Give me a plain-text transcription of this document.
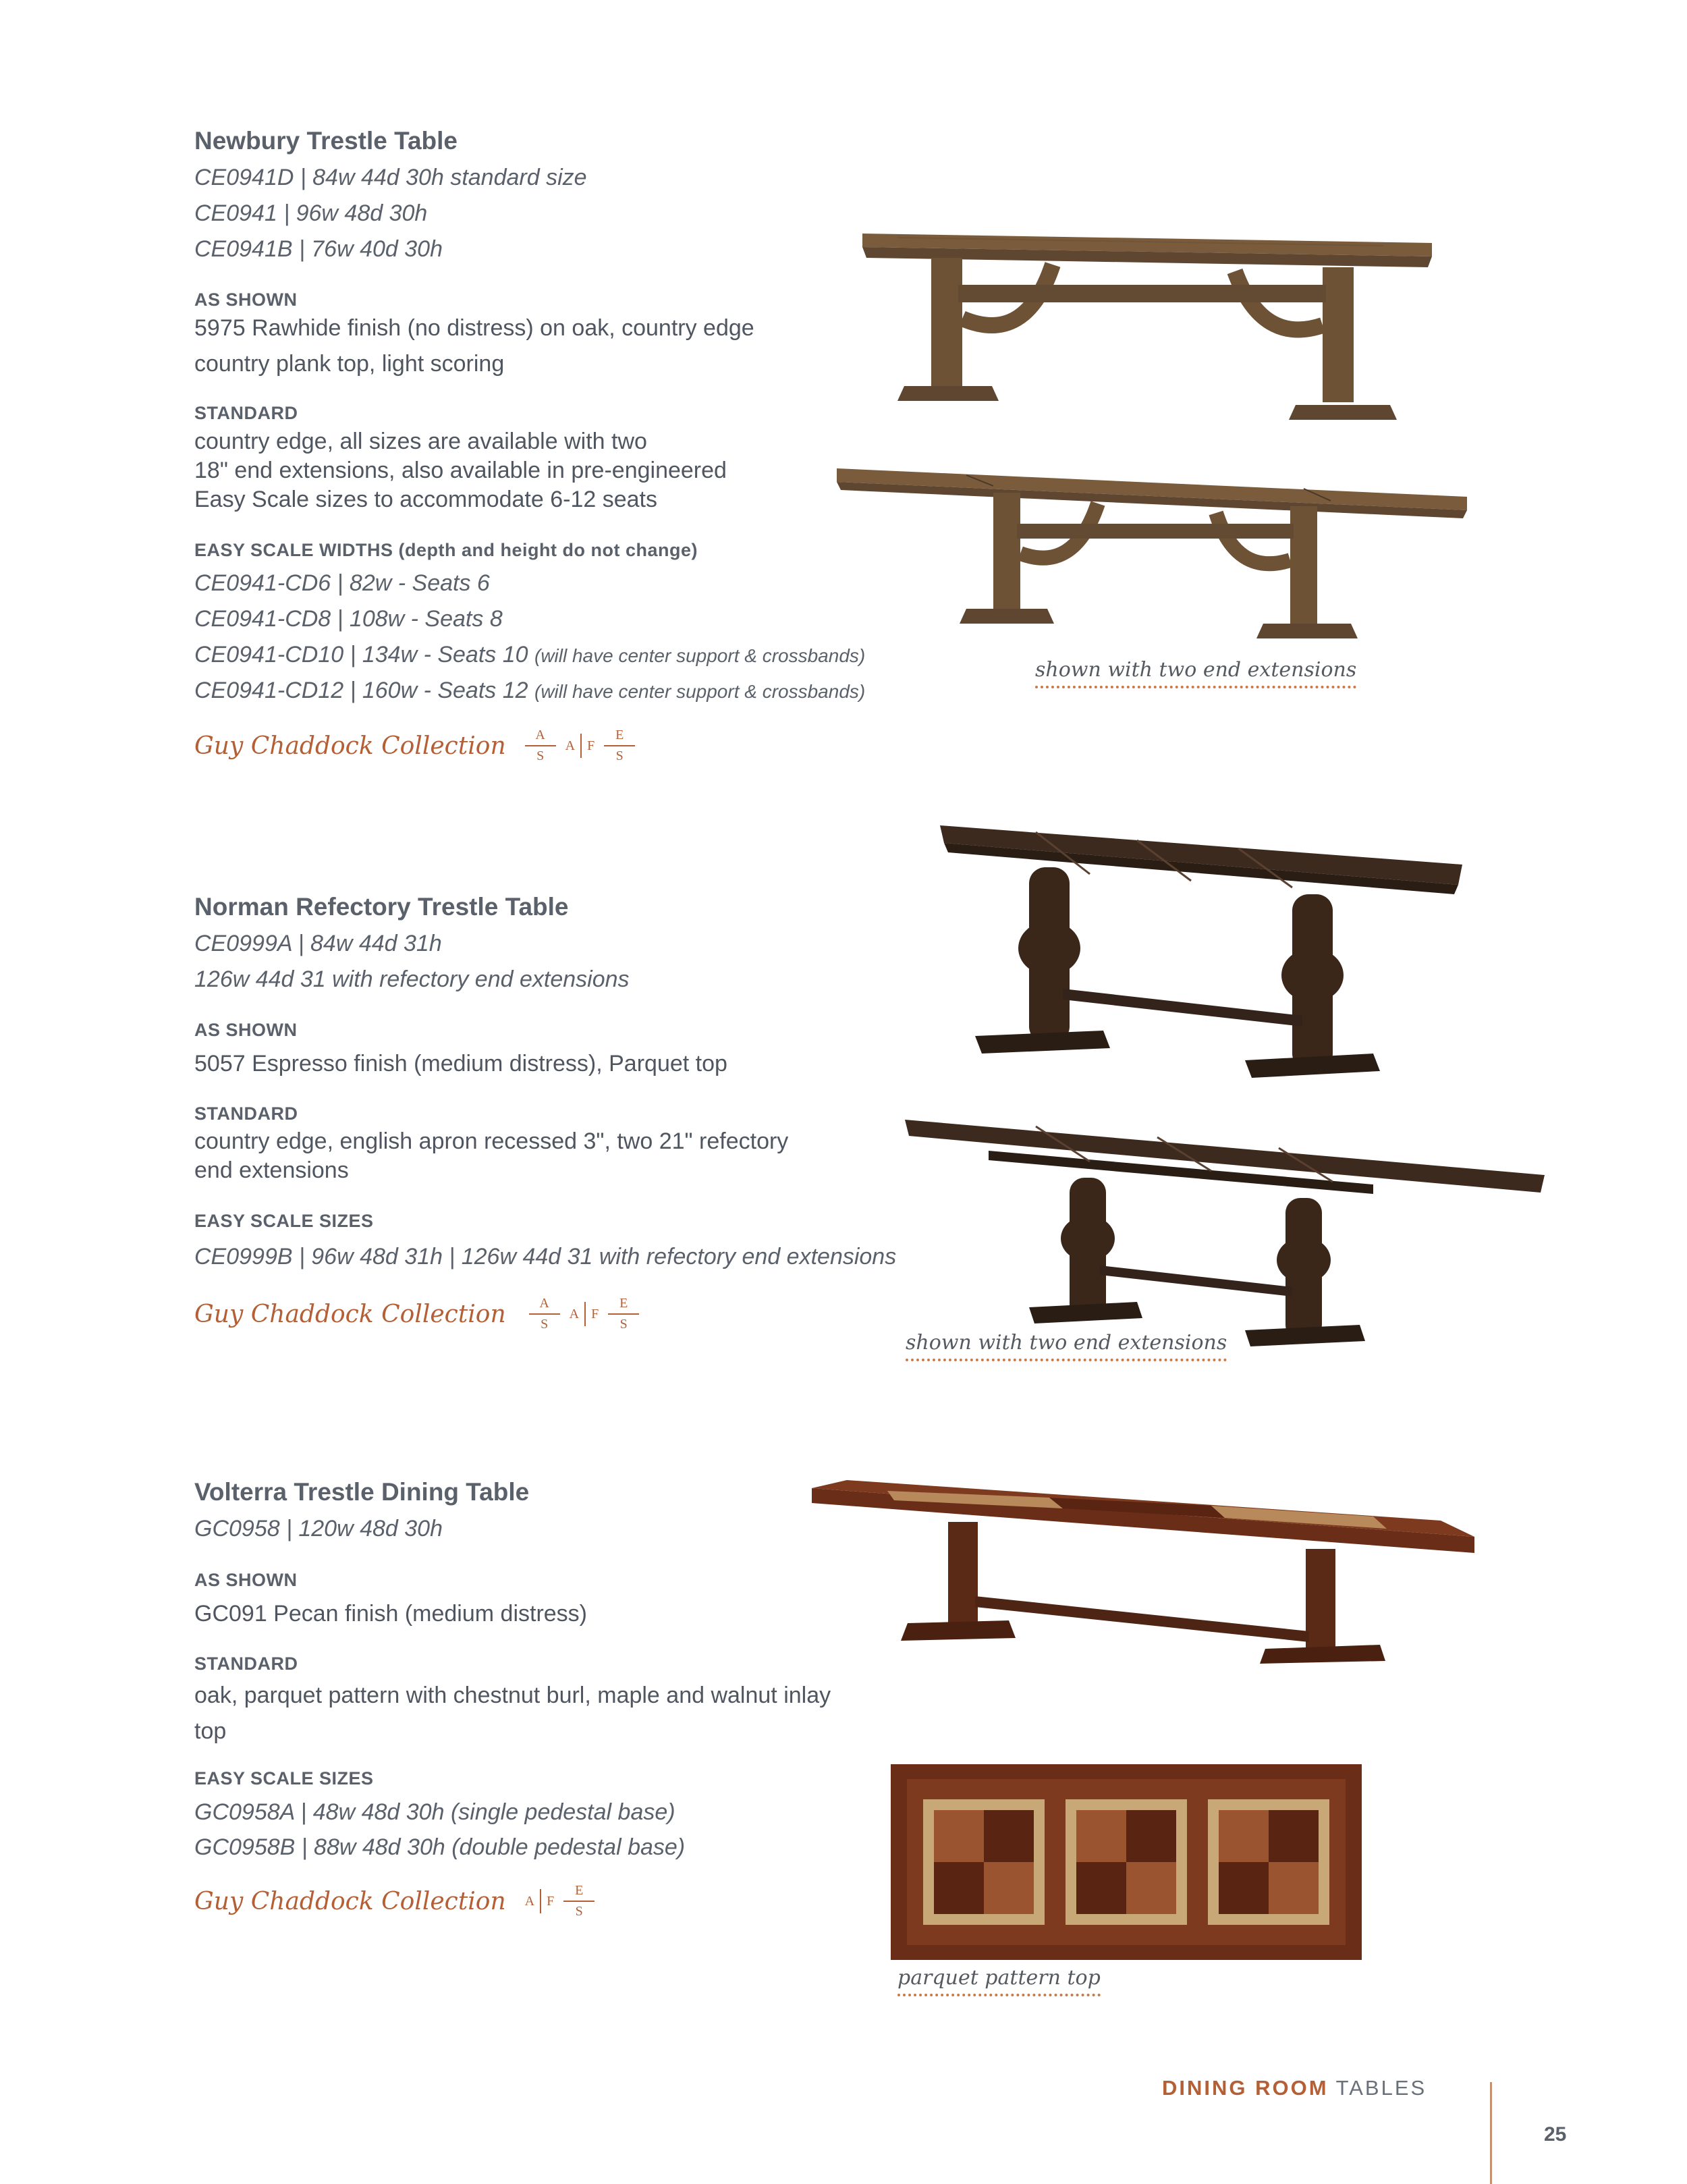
Newbury Trestle Table
CE0941D | 84w 44d 30h standard size
CE0941 | 96w 48d 30h
CE0941B | 76w 40d 30h
AS SHOWN
5975 Rawhide finish (no distress) on oak, country edge
country plank top, light scoring
STANDARD
country edge, all sizes are available with two
18" end extensions, also available in pre-engineered
Easy Scale sizes to accommodate 6-12 seats
EASY SCALE WIDTHS (depth and height do not change)
CE0941-CD6 | 82w - Seats 6
CE0941-CD8 | 108w - Seats 8
CE0941-CD10 | 134w - Seats 10 (will have center support & crossbands)
CE0941-CD12 | 160w - Seats 12 (will have center support & crossbands)
Guy Chaddock Collection $\frac{A}{S}$ A F $\frac{E}{S}$
shown with two end extensions
Norman Refectory Trestle Table
CE0999A | 84w 44d 31h
126w 44d 31 with refectory end extensions
AS SHOWN
5057 Espresso finish (medium distress), Parquet top
STANDARD
country edge, english apron recessed 3", two 21" refectory
end extensions
EASY SCALE SIZES
CE0999B | 96w 48d 31h | 126w 44d 31 with refectory end extensions
Guy Chaddock Collection $\frac{A}{S}$ A F $\frac{E}{S}$
shown with two end extensions
Volterra Trestle Dining Table
GC0958 | 120w 48d 30h
AS SHOWN
GC091 Pecan finish (medium distress)
STANDARD
oak, parquet pattern with chestnut burl, maple and walnut inlay
top
EASY SCALE SIZES
GC0958A | 48w 48d 30h (single pedestal base)
GC0958B | 88w 48d 30h (double pedestal base)
Guy Chaddock Collection A F $\frac{E}{S}$
parquet pattern top
DINING ROOM TABLES
25
